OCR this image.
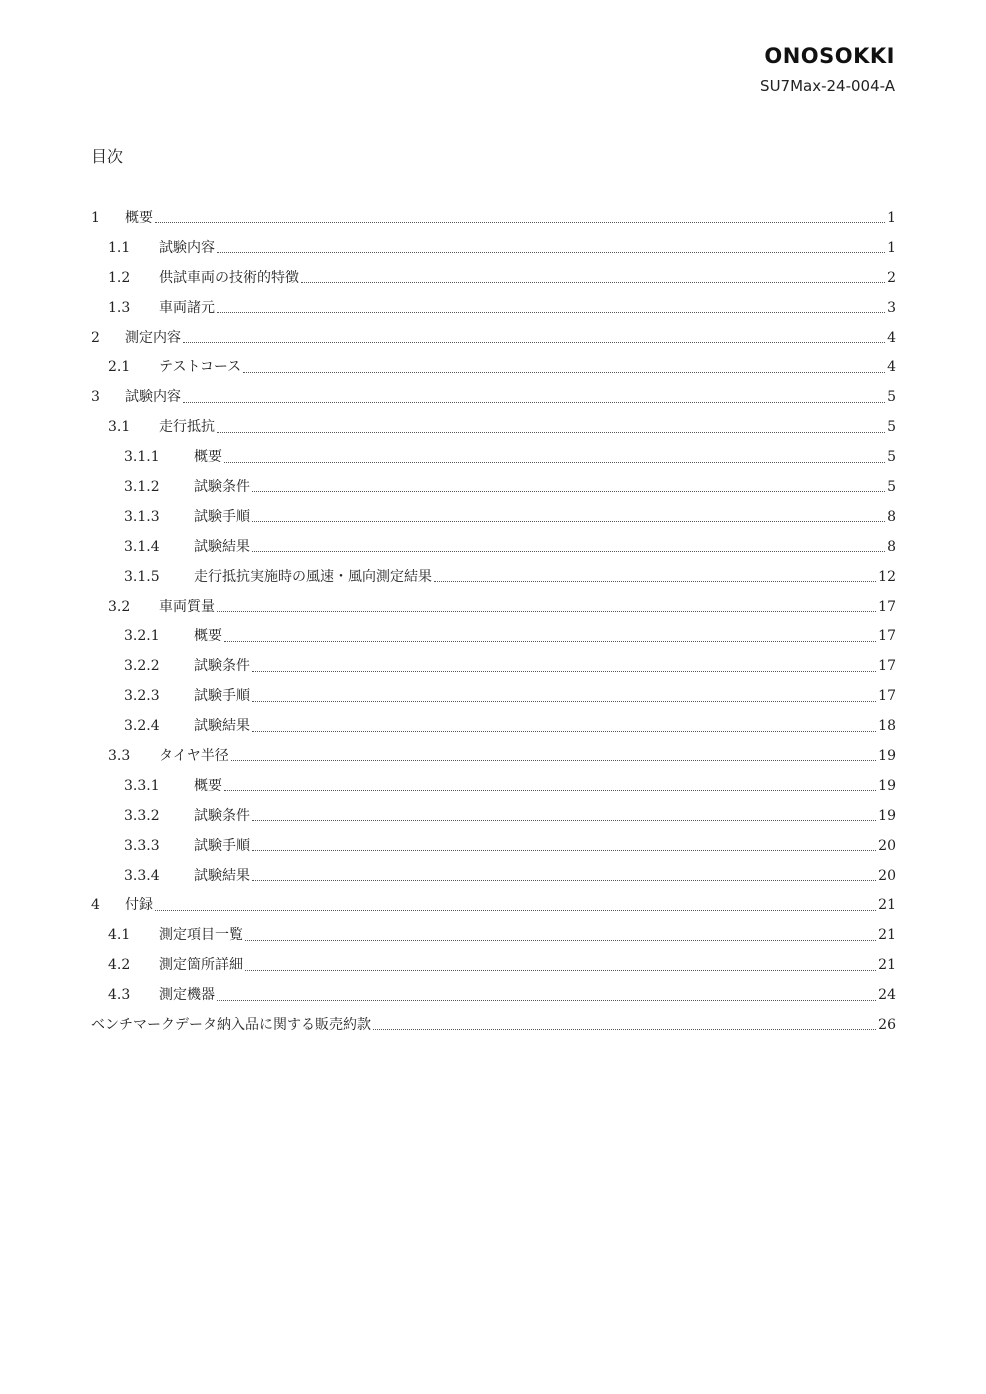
ONOSOKKI
SU7Max-24-004-A
目次
1	概要	1
1.1	試験内容	1
1.2	供試車両の技術的特徴	2
1.3	車両諸元	3
2	測定内容	4
2.1	テストコース	4
3	試験内容	5
3.1	走行抵抗	5
3.1.1	概要	5
3.1.2	試験条件	5
3.1.3	試験手順	8
3.1.4	試験結果	8
3.1.5	走行抵抗実施時の風速・風向測定結果	12
3.2	車両質量	17
3.2.1	概要	17
3.2.2	試験条件	17
3.2.3	試験手順	17
3.2.4	試験結果	18
3.3	タイヤ半径	19
3.3.1	概要	19
3.3.2	試験条件	19
3.3.3	試験手順	20
3.3.4	試験結果	20
4	付録	21
4.1	測定項目一覧	21
4.2	測定箇所詳細	21
4.3	測定機器	24
ベンチマークデータ納入品に関する販売約款	26
